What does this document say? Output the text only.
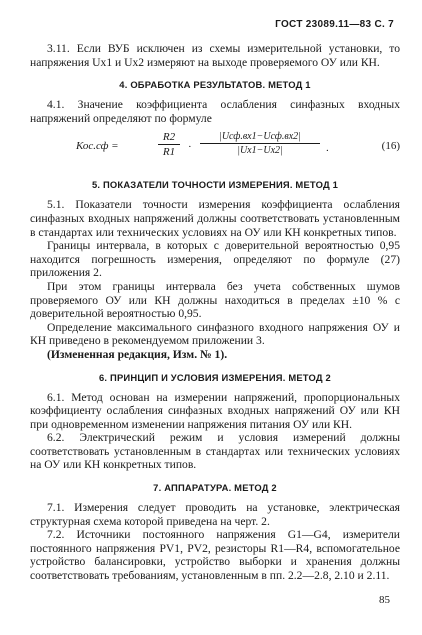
ГОСТ 23089.11—83 С. 7

3.11. Если ВУБ исключен из схемы измерительной установки, то напряжения Uх1 и Uх2 измеряют на выходе проверяемого ОУ или КН.

4. ОБРАБОТКА РЕЗУЛЬТАТОВ. МЕТОД 1

4.1. Значение коэффициента ослабления синфазных входных напряжений определяют по формуле

Кос.сф =	$\frac{R2}{R1}$ ·
|Uсф.вх1−Uсф.вх2|
|Uх1−Uх2|	.	(16)
5. ПОКАЗАТЕЛИ ТОЧНОСТИ ИЗМЕРЕНИЯ. МЕТОД 1

5.1. Показатели точности измерения коэффициента ослабления синфазных входных напряжений должны соответствовать установленным в стандартах или технических условиях на ОУ или КН конкретных типов.

Границы интервала, в которых с доверительной вероятностью 0,95 находится погрешность измерения, определяют по формуле (27) приложения 2.

При этом границы интервала без учета собственных шумов проверяемого ОУ или КН должны находиться в пределах ±10 % с доверительной вероятностью 0,95.

Определение максимального синфазного входного напряжения ОУ и КН приведено в рекомендуемом приложении 3.

(Измененная редакция, Изм. № 1).

6. ПРИНЦИП И УСЛОВИЯ ИЗМЕРЕНИЯ. МЕТОД 2

6.1. Метод основан на измерении напряжений, пропорциональных коэффициенту ослабления синфазных входных напряжений ОУ или КН при одновременном изменении напряжения питания ОУ или КН.

6.2. Электрический режим и условия измерений должны соответствовать установленным в стандартах или технических условиях на ОУ или КН конкретных типов.

7. АППАРАТУРА. МЕТОД 2

7.1. Измерения следует проводить на установке, электрическая структурная схема которой приведена на черт. 2.

7.2. Источники постоянного напряжения G1—G4, измерители постоянного напряжения PV1, PV2, резисторы R1—R4, вспомогательное устройство балансировки, устройство выборки и хранения должны соответствовать требованиям, установленным в пп. 2.2—2.8, 2.10 и 2.11.

85
